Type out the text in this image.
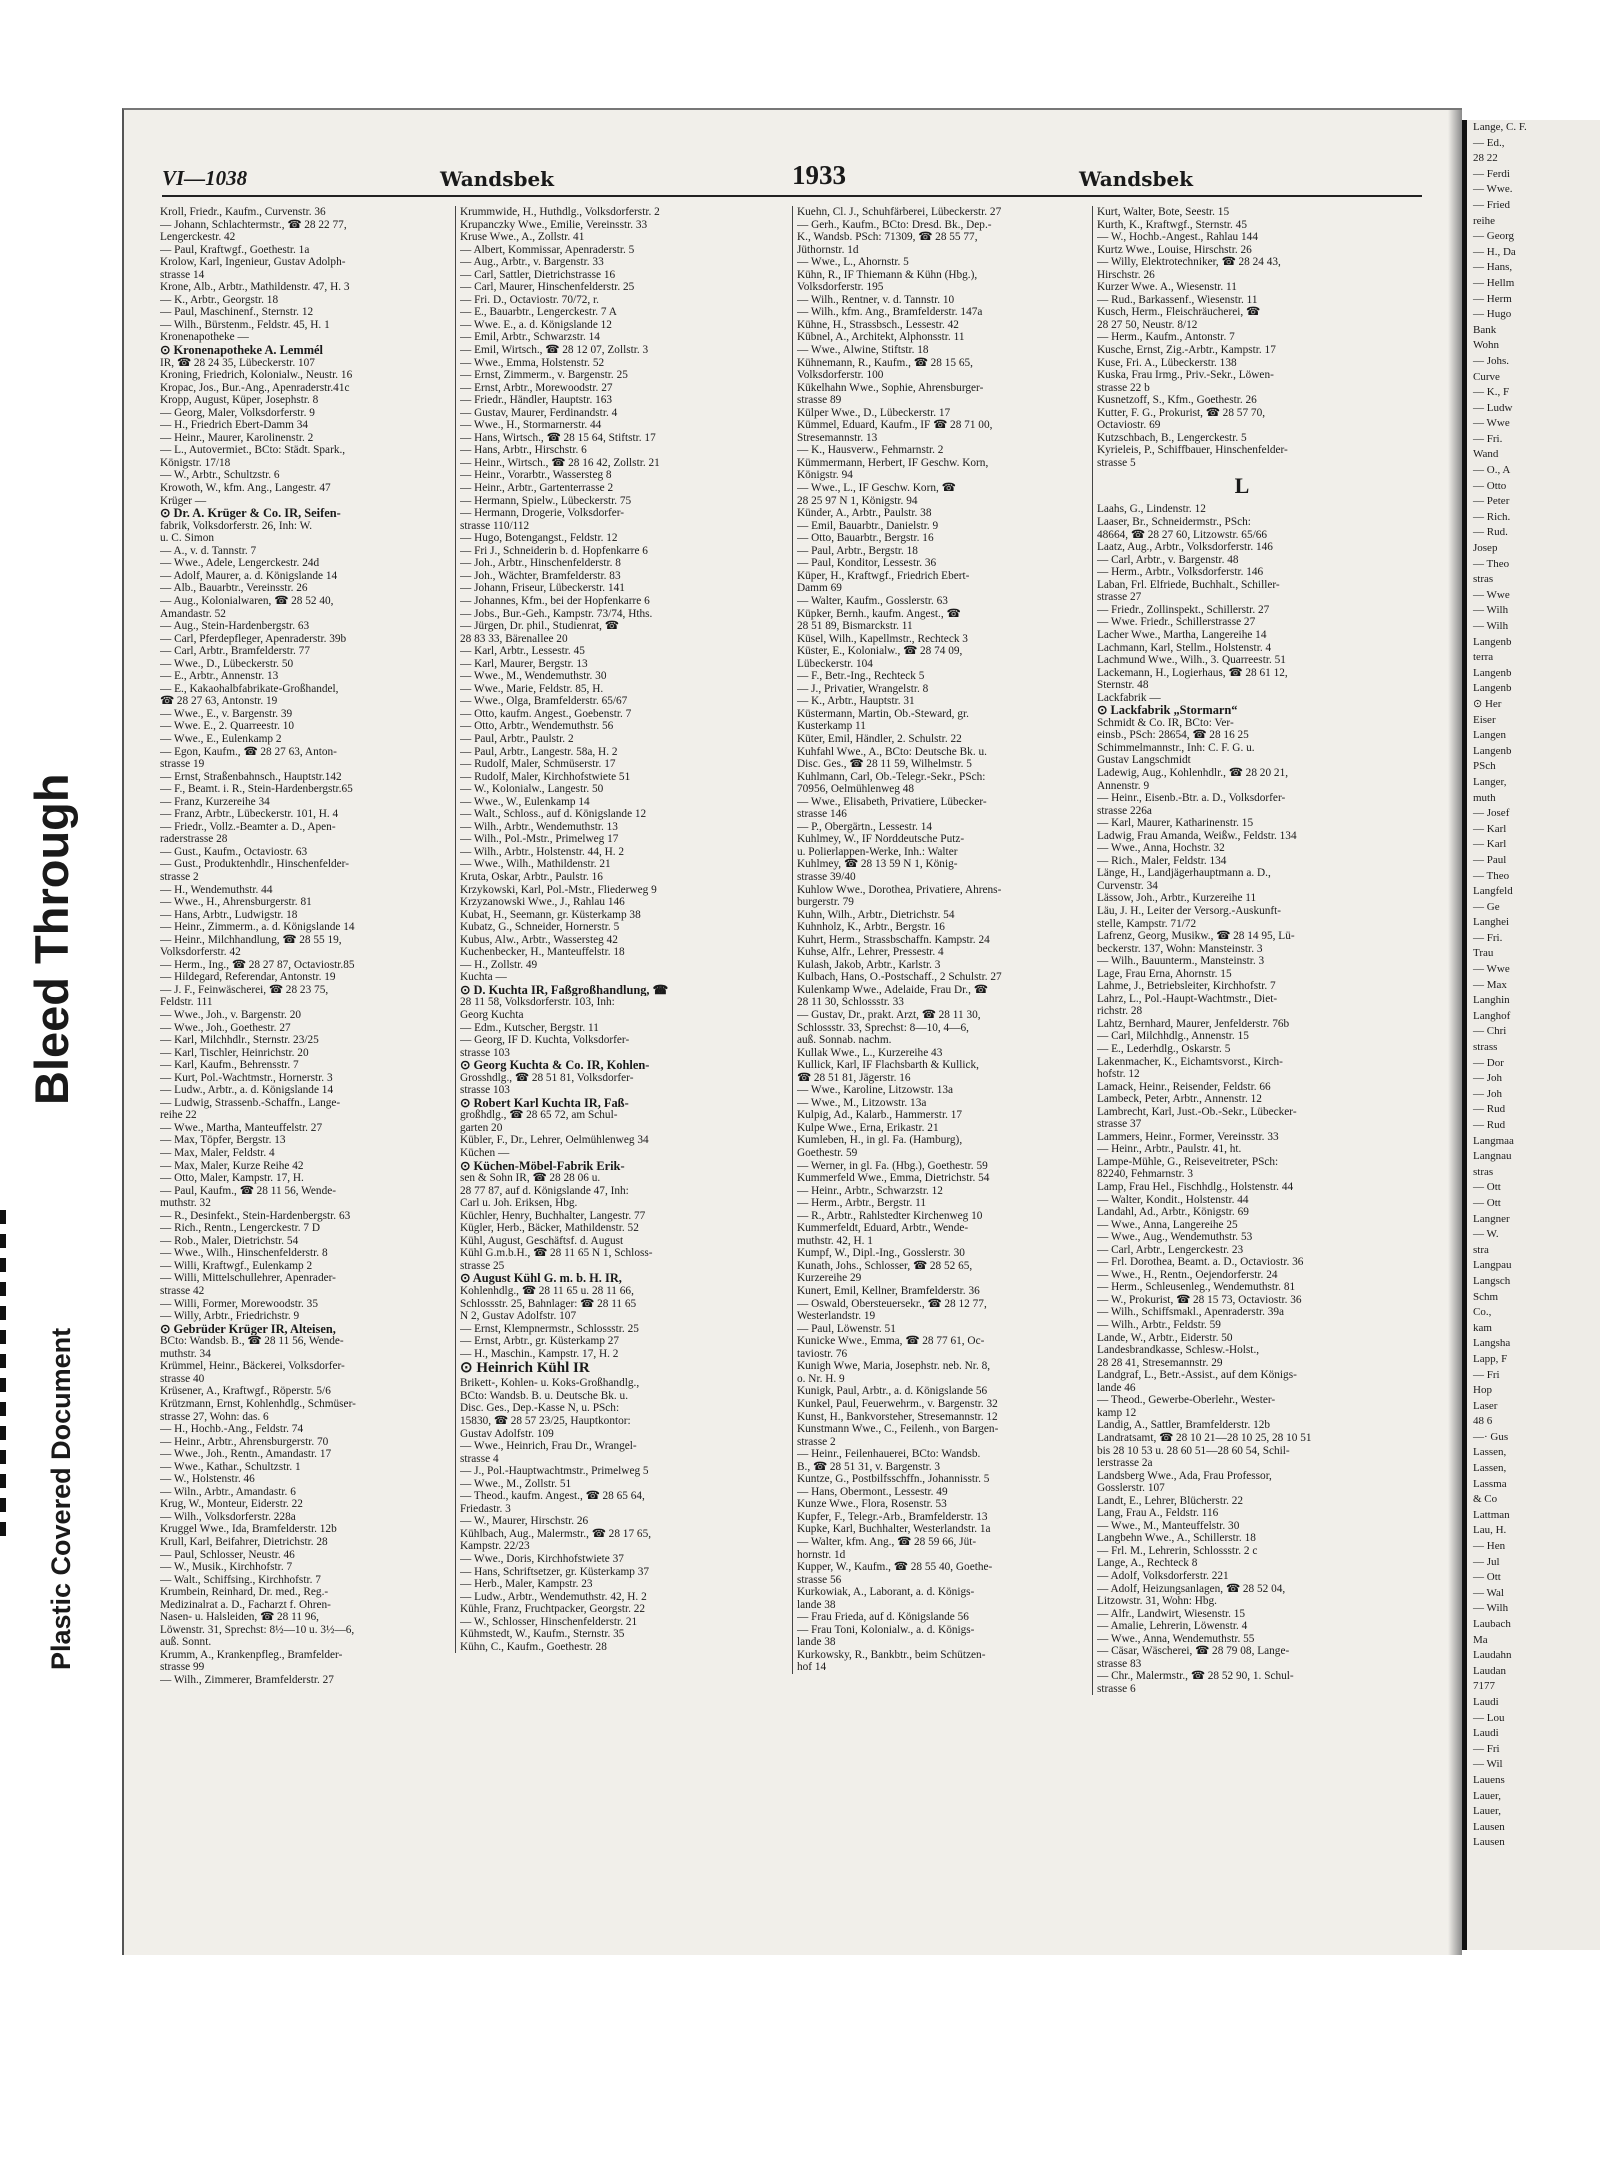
Bleed Through
Plastic Covered Document
VI—1038	Wandsbek	1933	Wandsbek
Kroll, Friedr., Kaufm., Curvenstr. 36
— Johann, Schlachtermstr., ☎ 28 22 77,
Lengerckestr. 42
— Paul, Kraftwgf., Goethestr. 1a
Krolow, Karl, Ingenieur, Gustav Adolph-
strasse 14
Krone, Alb., Arbtr., Mathildenstr. 47, H. 3
— K., Arbtr., Georgstr. 18
— Paul, Maschinenf., Sternstr. 12
— Wilh., Bürstenm., Feldstr. 45, H. 1
Kronenapotheke —
⊙ Kronenapotheke A. Lemmél
IR, ☎ 28 24 35, Lübeckerstr. 107
Kroning, Friedrich, Kolonialw., Neustr. 16
Kropac, Jos., Bur.-Ang., Apenraderstr.41c
Kropp, August, Küper, Josephstr. 8
— Georg, Maler, Volksdorferstr. 9
— H., Friedrich Ebert-Damm 34
— Heinr., Maurer, Karolinenstr. 2
— L., Autovermiet., BCto: Städt. Spark.,
Königstr. 17/18
— W., Arbtr., Schultzstr. 6
Krowoth, W., kfm. Ang., Langestr. 47
Krüger —
⊙ Dr. A. Krüger & Co. IR, Seifen-
fabrik, Volksdorferstr. 26, Inh: W.
u. C. Simon
— A., v. d. Tannstr. 7
— Wwe., Adele, Lengerckestr. 24d
— Adolf, Maurer, a. d. Königslande 14
— Alb., Bauarbtr., Vereinsstr. 26
— Aug., Kolonialwaren, ☎ 28 52 40,
Amandastr. 52
— Aug., Stein-Hardenbergstr. 63
— Carl, Pferdepfleger, Apenraderstr. 39b
— Carl, Arbtr., Bramfelderstr. 77
— Wwe., D., Lübeckerstr. 50
— E., Arbtr., Annenstr. 13
— E., Kakaohalbfabrikate-Großhandel,
☎ 28 27 63, Antonstr. 19
— Wwe., E., v. Bargenstr. 39
— Wwe. E., 2. Quarreestr. 10
— Wwe., E., Eulenkamp 2
— Egon, Kaufm., ☎ 28 27 63, Anton-
strasse 19
— Ernst, Straßenbahnsch., Hauptstr.142
— F., Beamt. i. R., Stein-Hardenbergstr.65
— Franz, Kurzereihe 34
— Franz, Arbtr., Lübeckerstr. 101, H. 4
— Friedr., Vollz.-Beamter a. D., Apen-
raderstrasse 28
— Gust., Kaufm., Octaviostr. 63
— Gust., Produktenhdlr., Hinschenfelder-
strasse 2
— H., Wendemuthstr. 44
— Wwe., H., Ahrensburgerstr. 81
— Hans, Arbtr., Ludwigstr. 18
— Heinr., Zimmerm., a. d. Königslande 14
— Heinr., Milchhandlung, ☎ 28 55 19,
Volksdorferstr. 42
— Herm., Ing., ☎ 28 27 87, Octaviostr.85
— Hildegard, Referendar, Antonstr. 19
— J. F., Feinwäscherei, ☎ 28 23 75,
Feldstr. 111
— Wwe., Joh., v. Bargenstr. 20
— Wwe., Joh., Goethestr. 27
— Karl, Milchhdlr., Sternstr. 23/25
— Karl, Tischler, Heinrichstr. 20
— Karl, Kaufm., Behrensstr. 7
— Kurt, Pol.-Wachtmstr., Hornerstr. 3
— Ludw., Arbtr., a. d. Königslande 14
— Ludwig, Strassenb.-Schaffn., Lange-
reihe 22
— Wwe., Martha, Manteuffelstr. 27
— Max, Töpfer, Bergstr. 13
— Max, Maler, Feldstr. 4
— Max, Maler, Kurze Reihe 42
— Otto, Maler, Kampstr. 17, H.
— Paul, Kaufm., ☎ 28 11 56, Wende-
muthstr. 32
— R., Desinfekt., Stein-Hardenbergstr. 63
— Rich., Rentn., Lengerckestr. 7 D
— Rob., Maler, Dietrichstr. 54
— Wwe., Wilh., Hinschenfelderstr. 8
— Willi, Kraftwgf., Eulenkamp 2
— Willi, Mittelschullehrer, Apenrader-
strasse 42
— Willi, Former, Morewoodstr. 35
— Willy, Arbtr., Friedrichstr. 9
⊙ Gebrüder Krüger IR, Alteisen,
BCto: Wandsb. B., ☎ 28 11 56, Wende-
muthstr. 34
Krümmel, Heinr., Bäckerei, Volksdorfer-
strasse 40
Krüsener, A., Kraftwgf., Röperstr. 5/6
Krützmann, Ernst, Kohlenhdlg., Schmüser-
strasse 27, Wohn: das. 6
— H., Hochb.-Ang., Feldstr. 74
— Heinr., Arbtr., Ahrensburgerstr. 70
— Wwe., Joh., Rentn., Amandastr. 17
— Wwe., Kathar., Schultzstr. 1
— W., Holstenstr. 46
— Wiln., Arbtr., Amandastr. 6
Krug, W., Monteur, Eiderstr. 22
— Wilh., Volksdorferstr. 228a
Kruggel Wwe., Ida, Bramfelderstr. 12b
Krull, Karl, Beifahrer, Dietrichstr. 28
— Paul, Schlosser, Neustr. 46
— W., Musik., Kirchhofstr. 7
— Walt., Schiffsing., Kirchhofstr. 7
Krumbein, Reinhard, Dr. med., Reg.-
Medizinalrat a. D., Facharzt f. Ohren-
Nasen- u. Halsleiden, ☎ 28 11 96,
Löwenstr. 31, Sprechst: 8½—10 u. 3½—6,
auß. Sonnt.
Krumm, A., Krankenpfleg., Bramfelder-
strasse 99
— Wilh., Zimmerer, Bramfelderstr. 27
Krummwide, H., Huthdlg., Volksdorferstr. 2
Krupanczky Wwe., Emilie, Vereinsstr. 33
Kruse Wwe., A., Zollstr. 41
— Albert, Kommissar, Apenraderstr. 5
— Aug., Arbtr., v. Bargenstr. 33
— Carl, Sattler, Dietrichstrasse 16
— Carl, Maurer, Hinschenfelderstr. 25
— Fri. D., Octaviostr. 70/72, r.
— E., Bauarbtr., Lengerckestr. 7 A
— Wwe. E., a. d. Königslande 12
— Emil, Arbtr., Schwarzstr. 14
— Emil, Wirtsch., ☎ 28 12 07, Zollstr. 3
— Wwe., Emma, Holstenstr. 52
— Ernst, Zimmerm., v. Bargenstr. 25
— Ernst, Arbtr., Morewoodstr. 27
— Friedr., Händler, Hauptstr. 163
— Gustav, Maurer, Ferdinandstr. 4
— Wwe., H., Stormarnerstr. 44
— Hans, Wirtsch., ☎ 28 15 64, Stiftstr. 17
— Hans, Arbtr., Hirschstr. 6
— Heinr., Wirtsch., ☎ 28 16 42, Zollstr. 21
— Heinr., Vorarbtr., Wassersteg 8
— Heinr., Arbtr., Gartenterrasse 2
— Hermann, Spielw., Lübeckerstr. 75
— Hermann, Drogerie, Volksdorfer-
strasse 110/112
— Hugo, Botengangst., Feldstr. 12
— Fri J., Schneiderin b. d. Hopfenkarre 6
— Joh., Arbtr., Hinschenfelderstr. 8
— Joh., Wächter, Bramfelderstr. 83
— Johann, Friseur, Lübeckerstr. 141
— Johannes, Kfm., bei der Hopfenkarre 6
— Jobs., Bur.-Geh., Kampstr. 73/74, Hths.
— Jürgen, Dr. phil., Studienrat, ☎
28 83 33, Bärenallee 20
— Karl, Arbtr., Lessestr. 45
— Karl, Maurer, Bergstr. 13
— Wwe., M., Wendemuthstr. 30
— Wwe., Marie, Feldstr. 85, H.
— Wwe., Olga, Bramfelderstr. 65/67
— Otto, kaufm. Angest., Goebenstr. 7
— Otto, Arbtr., Wendemuthstr. 56
— Paul, Arbtr., Paulstr. 2
— Paul, Arbtr., Langestr. 58a, H. 2
— Rudolf, Maler, Schmüserstr. 17
— Rudolf, Maler, Kirchhofstwiete 51
— W., Kolonialw., Langestr. 50
— Wwe., W., Eulenkamp 14
— Walt., Schloss., auf d. Königslande 12
— Wilh., Arbtr., Wendemuthstr. 13
— Wilh., Pol.-Mstr., Primelweg 17
— Wilh., Arbtr., Holstenstr. 44, H. 2
— Wwe., Wilh., Mathildenstr. 21
Kruta, Oskar, Arbtr., Paulstr. 16
Krzykowski, Karl, Pol.-Mstr., Fliederweg 9
Krzyzanowski Wwe., J., Rahlau 146
Kubat, H., Seemann, gr. Küsterkamp 38
Kubatz, G., Schneider, Hornerstr. 5
Kubus, Alw., Arbtr., Wassersteg 42
Kuchenbecker, H., Manteuffelstr. 18
— H., Zollstr. 49
Kuchta —
⊙ D. Kuchta IR, Faßgroßhandlung, ☎
28 11 58, Volksdorferstr. 103, Inh:
Georg Kuchta
— Edm., Kutscher, Bergstr. 11
— Georg, IF D. Kuchta, Volksdorfer-
strasse 103
⊙ Georg Kuchta & Co. IR, Kohlen-
Grosshdlg., ☎ 28 51 81, Volksdorfer-
strasse 103
⊙ Robert Karl Kuchta IR, Faß-
großhdlg., ☎ 28 65 72, am Schul-
garten 20
Kübler, F., Dr., Lehrer, Oelmühlenweg 34
Küchen —
⊙ Küchen-Möbel-Fabrik Erik-
sen & Sohn IR, ☎ 28 28 06 u.
28 77 87, auf d. Königslande 47, Inh:
Carl u. Joh. Eriksen, Hbg.
Küchler, Henry, Buchhalter, Langestr. 77
Kügler, Herb., Bäcker, Mathildenstr. 52
Kühl, August, Geschäftsf. d. August
Kühl G.m.b.H., ☎ 28 11 65 N 1, Schloss-
strasse 25
⊙ August Kühl G. m. b. H. IR,
Kohlenhdlg., ☎ 28 11 65 u. 28 11 66,
Schlossstr. 25, Bahnlager: ☎ 28 11 65
N 2, Gustav Adolfstr. 107
— Ernst, Klempnermstr., Schlossstr. 25
— Ernst, Arbtr., gr. Küsterkamp 27
— H., Maschin., Kampstr. 17, H. 2
⊙ Heinrich Kühl IR
Brikett-, Kohlen- u. Koks-Großhandlg.,
BCto: Wandsb. B. u. Deutsche Bk. u.
Disc. Ges., Dep.-Kasse N, u. PSch:
15830, ☎ 28 57 23/25, Hauptkontor:
Gustav Adolfstr. 109
— Wwe., Heinrich, Frau Dr., Wrangel-
strasse 4
— J., Pol.-Hauptwachtmstr., Primelweg 5
— Wwe., M., Zollstr. 51
— Theod., kaufm. Angest., ☎ 28 65 64,
Friedastr. 3
— W., Maurer, Hirschstr. 26
Kühlbach, Aug., Malermstr., ☎ 28 17 65,
Kampstr. 22/23
— Wwe., Doris, Kirchhofstwiete 37
— Hans, Schriftsetzer, gr. Küsterkamp 37
— Herb., Maler, Kampstr. 23
— Ludw., Arbtr., Wendemuthstr. 42, H. 2
Kühle, Franz, Fruchtpacker, Georgstr. 22
— W., Schlosser, Hinschenfelderstr. 21
Kühmstedt, W., Kaufm., Sternstr. 35
Kühn, C., Kaufm., Goethestr. 28
Kuehn, Cl. J., Schuhfärberei, Lübeckerstr. 27
— Gerh., Kaufm., BCto: Dresd. Bk., Dep.-
K., Wandsb. PSch: 71309, ☎ 28 55 77,
Jüthornstr. 1d
— Wwe., L., Ahornstr. 5
Kühn, R., IF Thiemann & Kühn (Hbg.),
Volksdorferstr. 195
— Wilh., Rentner, v. d. Tannstr. 10
— Wilh., kfm. Ang., Bramfelderstr. 147a
Kühne, H., Strassbsch., Lessestr. 42
Kübnel, A., Architekt, Alphonsstr. 11
— Wwe., Alwine, Stiftstr. 18
Kühnemann, R., Kaufm., ☎ 28 15 65,
Volksdorferstr. 100
Kükelhahn Wwe., Sophie, Ahrensburger-
strasse 89
Külper Wwe., D., Lübeckerstr. 17
Kümmel, Eduard, Kaufm., IF ☎ 28 71 00,
Stresemannstr. 13
— K., Hausverw., Fehmarnstr. 2
Kümmermann, Herbert, IF Geschw. Korn,
Königstr. 94
— Wwe., L., IF Geschw. Korn, ☎
28 25 97 N 1, Königstr. 94
Künder, A., Arbtr., Paulstr. 38
— Emil, Bauarbtr., Danielstr. 9
— Otto, Bauarbtr., Bergstr. 16
— Paul, Arbtr., Bergstr. 18
— Paul, Konditor, Lessestr. 36
Küper, H., Kraftwgf., Friedrich Ebert-
Damm 69
— Walter, Kaufm., Gosslerstr. 63
Küpker, Bernh., kaufm. Angest., ☎
28 51 89, Bismarckstr. 11
Küsel, Wilh., Kapellmstr., Rechteck 3
Küster, E., Kolonialw., ☎ 28 74 09,
Lübeckerstr. 104
— F., Betr.-Ing., Rechteck 5
— J., Privatier, Wrangelstr. 8
— K., Arbtr., Hauptstr. 31
Küstermann, Martin, Ob.-Steward, gr.
Kusterkamp 11
Küter, Emil, Händler, 2. Schulstr. 22
Kuhfahl Wwe., A., BCto: Deutsche Bk. u.
Disc. Ges., ☎ 28 11 59, Wilhelmstr. 5
Kuhlmann, Carl, Ob.-Telegr.-Sekr., PSch:
70956, Oelmühlenweg 48
— Wwe., Elisabeth, Privatiere, Lübecker-
strasse 146
— P., Obergärtn., Lessestr. 14
Kuhlmey, W., IF Norddeutsche Putz-
u. Polierlappen-Werke, Inh.: Walter
Kuhlmey, ☎ 28 13 59 N 1, König-
strasse 39/40
Kuhlow Wwe., Dorothea, Privatiere, Ahrens-
burgerstr. 79
Kuhn, Wilh., Arbtr., Dietrichstr. 54
Kuhnholz, K., Arbtr., Bergstr. 16
Kuhrt, Herm., Strassbschaffn. Kampstr. 24
Kuhse, Alfr., Lehrer, Pressestr. 4
Kulash, Jakob, Arbtr., Karlstr. 3
Kulbach, Hans, O.-Postschaff., 2 Schulstr. 27
Kulenkamp Wwe., Adelaide, Frau Dr., ☎
28 11 30, Schlossstr. 33
— Gustav, Dr., prakt. Arzt, ☎ 28 11 30,
Schlossstr. 33, Sprechst: 8—10, 4—6,
auß. Sonnab. nachm.
Kullak Wwe., L., Kurzereihe 43
Kullick, Karl, IF Flachsbarth & Kullick,
☎ 28 51 81, Jägerstr. 16
— Wwe., Karoline, Litzowstr. 13a
— Wwe., M., Litzowstr. 13a
Kulpig, Ad., Kalarb., Hammerstr. 17
Kulpe Wwe., Erna, Erikastr. 21
Kumleben, H., in gl. Fa. (Hamburg),
Goethestr. 59
— Werner, in gl. Fa. (Hbg.), Goethestr. 59
Kummerfeld Wwe., Emma, Dietrichstr. 54
— Heinr., Arbtr., Schwarzstr. 12
— Herm., Arbtr., Bergstr. 11
— R., Arbtr., Rahlstedter Kirchenweg 10
Kummerfeldt, Eduard, Arbtr., Wende-
muthstr. 42, H. 1
Kumpf, W., Dipl.-Ing., Gosslerstr. 30
Kunath, Johs., Schlosser, ☎ 28 52 65,
Kurzereihe 29
Kunert, Emil, Kellner, Bramfelderstr. 36
— Oswald, Obersteuersekr., ☎ 28 12 77,
Westerlandstr. 19
— Paul, Löwenstr. 51
Kunicke Wwe., Emma, ☎ 28 77 61, Oc-
taviostr. 76
Kunigh Wwe, Maria, Josephstr. neb. Nr. 8,
o. Nr. H. 9
Kunigk, Paul, Arbtr., a. d. Königslande 56
Kunkel, Paul, Feuerwehrm., v. Bargenstr. 32
Kunst, H., Bankvorsteher, Stresemannstr. 12
Kunstmann Wwe., C., Feilenh., von Bargen-
strasse 2
— Heinr., Feilenhauerei, BCto: Wandsb.
B., ☎ 28 51 31, v. Bargenstr. 3
Kuntze, G., Postbilfsschffn., Johannisstr. 5
— Hans, Obermont., Lessestr. 49
Kunze Wwe., Flora, Rosenstr. 53
Kupfer, F., Telegr.-Arb., Bramfelderstr. 13
Kupke, Karl, Buchhalter, Westerlandstr. 1a
— Walter, kfm. Ang., ☎ 28 59 66, Jüt-
hornstr. 1d
Kupper, W., Kaufm., ☎ 28 55 40, Goethe-
strasse 56
Kurkowiak, A., Laborant, a. d. Königs-
lande 38
— Frau Frieda, auf d. Königslande 56
— Frau Toni, Kolonialw., a. d. Königs-
lande 38
Kurkowsky, R., Bankbtr., beim Schützen-
hof 14
Kurt, Walter, Bote, Seestr. 15
Kurth, K., Kraftwgf., Sternstr. 45
— W., Hochb.-Angest., Rahlau 144
Kurtz Wwe., Louise, Hirschstr. 26
— Willy, Elektrotechniker, ☎ 28 24 43,
Hirschstr. 26
Kurzer Wwe. A., Wiesenstr. 11
— Rud., Barkassenf., Wiesenstr. 11
Kusch, Herm., Fleischräucherei, ☎
28 27 50, Neustr. 8/12
— Herm., Kaufm., Antonstr. 7
Kusche, Ernst, Zig.-Arbtr., Kampstr. 17
Kuse, Fri. A., Lübeckerstr. 138
Kuska, Frau Irmg., Priv.-Sekr., Löwen-
strasse 22 b
Kusnetzoff, S., Kfm., Goethestr. 26
Kutter, F. G., Prokurist, ☎ 28 57 70,
Octaviostr. 69
Kutzschbach, B., Lengerckestr. 5
Kyrieleis, P., Schiffbauer, Hinschenfelder-
strasse 5
L
Laahs, G., Lindenstr. 12
Laaser, Br., Schneidermstr., PSch:
48664, ☎ 28 27 60, Litzowstr. 65/66
Laatz, Aug., Arbtr., Volksdorferstr. 146
— Carl, Arbtr., v. Bargenstr. 48
— Herm., Arbtr., Volksdorferstr. 146
Laban, Frl. Elfriede, Buchhalt., Schiller-
strasse 27
— Friedr., Zollinspekt., Schillerstr. 27
— Wwe. Friedr., Schillerstrasse 27
Lacher Wwe., Martha, Langereihe 14
Lachmann, Karl, Stellm., Holstenstr. 4
Lachmund Wwe., Wilh., 3. Quarreestr. 51
Lackemann, H., Logierhaus, ☎ 28 61 12,
Sternstr. 48
Lackfabrik —
⊙ Lackfabrik „Stormarn“
Schmidt & Co. IR, BCto: Ver-
einsb., PSch: 28654, ☎ 28 16 25
Schimmelmannstr., Inh: C. F. G. u.
Gustav Langschmidt
Ladewig, Aug., Kohlenhdlr., ☎ 28 20 21,
Annenstr. 9
— Heinr., Eisenb.-Btr. a. D., Volksdorfer-
strasse 226a
— Karl, Maurer, Katharinenstr. 15
Ladwig, Frau Amanda, Weißw., Feldstr. 134
— Wwe., Anna, Hochstr. 32
— Rich., Maler, Feldstr. 134
Länge, H., Landjägerhauptmann a. D.,
Curvenstr. 34
Lässow, Joh., Arbtr., Kurzereihe 11
Läu, J. H., Leiter der Versorg.-Auskunft-
stelle, Kampstr. 71/72
Lafrenz, Georg, Musikw., ☎ 28 14 95, Lü-
beckerstr. 137, Wohn: Mansteinstr. 3
— Wilh., Bauunterm., Mansteinstr. 3
Lage, Frau Erna, Ahornstr. 15
Lahme, J., Betriebsleiter, Kirchhofstr. 7
Lahrz, L., Pol.-Haupt-Wachtmstr., Diet-
richstr. 28
Lahtz, Bernhard, Maurer, Jenfelderstr. 76b
— Carl, Milchhdlg., Annenstr. 15
— E., Lederhdlg., Oskarstr. 5
Lakenmacher, K., Eichamtsvorst., Kirch-
hofstr. 12
Lamack, Heinr., Reisender, Feldstr. 66
Lambeck, Peter, Arbtr., Annenstr. 12
Lambrecht, Karl, Just.-Ob.-Sekr., Lübecker-
strasse 37
Lammers, Heinr., Former, Vereinsstr. 33
— Heinr., Arbtr., Paulstr. 41, ht.
Lampe-Mühle, G., Reiseveitreter, PSch:
82240, Fehmarnstr. 3
Lamp, Frau Hel., Fischhdlg., Holstenstr. 44
— Walter, Kondit., Holstenstr. 44
Landahl, Ad., Arbtr., Königstr. 69
— Wwe., Anna, Langereihe 25
— Wwe., Aug., Wendemuthstr. 53
— Carl, Arbtr., Lengerckestr. 23
— Frl. Dorothea, Beamt. a. D., Octaviostr. 36
— Wwe., H., Rentn., Oejendorferstr. 24
— Herm., Schleusenleg., Wendemuthstr. 81
— W., Prokurist, ☎ 28 15 73, Octaviostr. 36
— Wilh., Schiffsmakl., Apenraderstr. 39a
— Wilh., Arbtr., Feldstr. 59
Lande, W., Arbtr., Eiderstr. 50
Landesbrandkasse, Schlesw.-Holst.,
28 28 41, Stresemannstr. 29
Landgraf, L., Betr.-Assist., auf dem Königs-
lande 46
— Theod., Gewerbe-Oberlehr., Wester-
kamp 12
Landig, A., Sattler, Bramfelderstr. 12b
Landratsamt, ☎ 28 10 21—28 10 25, 28 10 51
bis 28 10 53 u. 28 60 51—28 60 54, Schil-
lerstrasse 2a
Landsberg Wwe., Ada, Frau Professor,
Gosslerstr. 107
Landt, E., Lehrer, Blücherstr. 22
Lang, Frau A., Feldstr. 116
— Wwe., M., Manteuffelstr. 30
Langbehn Wwe., A., Schillerstr. 18
— Frl. M., Lehrerin, Schlossstr. 2 c
Lange, A., Rechteck 8
— Adolf, Volksdorferstr. 221
— Adolf, Heizungsanlagen, ☎ 28 52 04,
Litzowstr. 31, Wohn: Hbg.
— Alfr., Landwirt, Wiesenstr. 15
— Amalie, Lehrerin, Löwenstr. 4
— Wwe., Anna, Wendemuthstr. 55
— Cäsar, Wäscherei, ☎ 28 79 08, Lange-
strasse 83
— Chr., Malermstr., ☎ 28 52 90, 1. Schul-
strasse 6
Lange, C. F.
— Ed.,
28 22
— Ferdi
— Wwe.
— Fried
reihe
— Georg
— H., Da
— Hans,
— Hellm
— Herm
— Hugo
Bank
Wohn
— Johs.
Curve
— K., F
— Ludw
— Wwe
— Fri.
Wand
— O., A
— Otto
— Peter
— Rich.
— Rud.
Josep
— Theo
stras
— Wwe
— Wilh
— Wilh
Langenb
terra
Langenb
Langenb
⊙ Her
Eiser
Langen
Langenb
PSch
Langer,
muth
— Josef
— Karl
— Karl
— Paul
— Theo
Langfeld
— Ge
Langhei
— Fri.
Trau
— Wwe
— Max
Langhin
Langhof
— Chri
strass
— Dor
— Joh
— Joh
— Rud
— Rud
Langmaa
Langnau
stras
— Ott
— Ott
Langner
— W.
stra
Langpau
Langsch
Schm
Co.,
kam
Langsha
Lapp, F
— Fri
Hop
Laser
48 6
—· Gus
Lassen,
Lassen,
Lassma
& Co
Lattman
Lau, H.
— Hen
— Jul
— Ott
— Wal
— Wilh
Laubach
Ma
Laudahn
Laudan
7177
Laudi
— Lou
Laudi
— Fri
— Wil
Lauens
Lauer,
Lauer,
Lausen
Lausen
